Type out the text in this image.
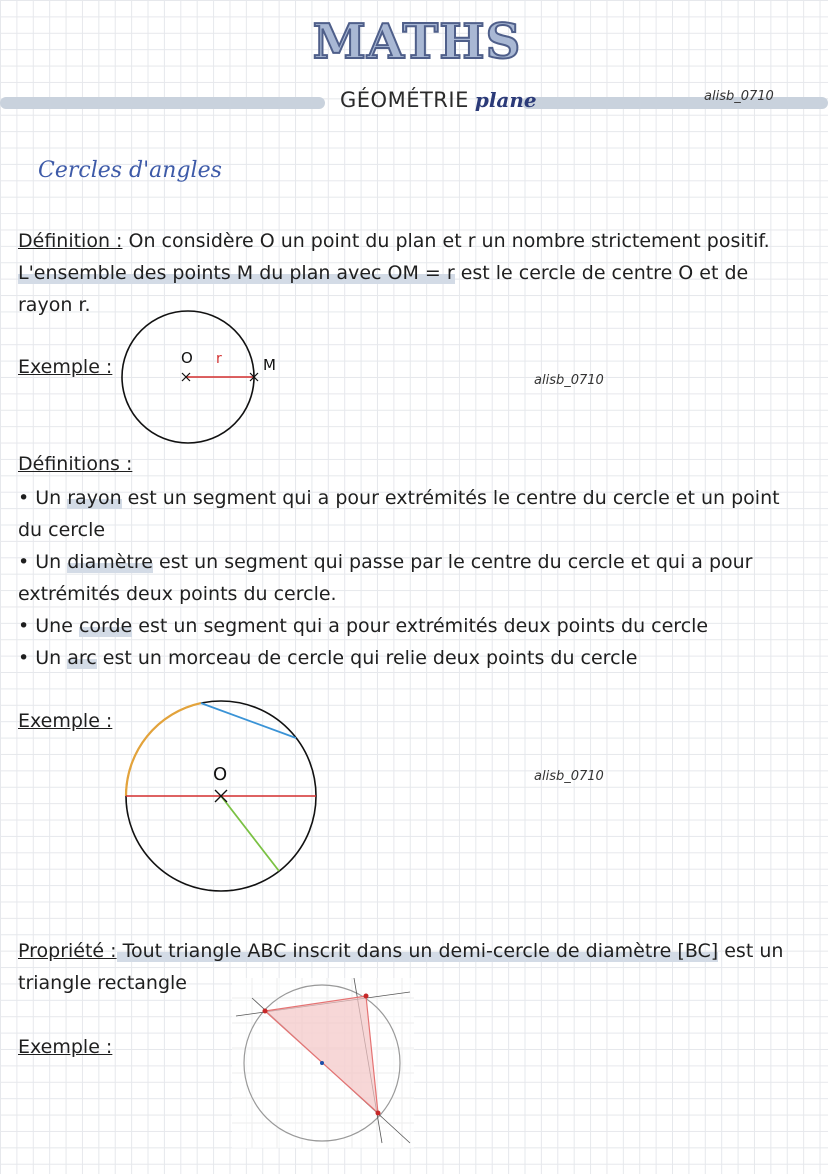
MATHS
GÉOMÉTRIE plane	alisb_0710
Cercles d'angles
Définition : On considère O un point du plan et r un nombre strictement positif.
L'ensemble des points M du plan avec OM = r est le cercle de centre O et de
rayon r.
Exemple :	O r	M
alisb_0710
Définitions :
• Un rayon est un segment qui a pour extrémités le centre du cercle et un point
du cercle
• Un diamètre est un segment qui passe par le centre du cercle et qui a pour
extrémités deux points du cercle.
• Une corde est un segment qui a pour extrémités deux points du cercle
• Un arc est un morceau de cercle qui relie deux points du cercle
Exemple :
O	alisb_0710
Propriété : Tout triangle ABC inscrit dans un demi-cercle de diamètre [BC] est un
triangle rectangle
Exemple :
